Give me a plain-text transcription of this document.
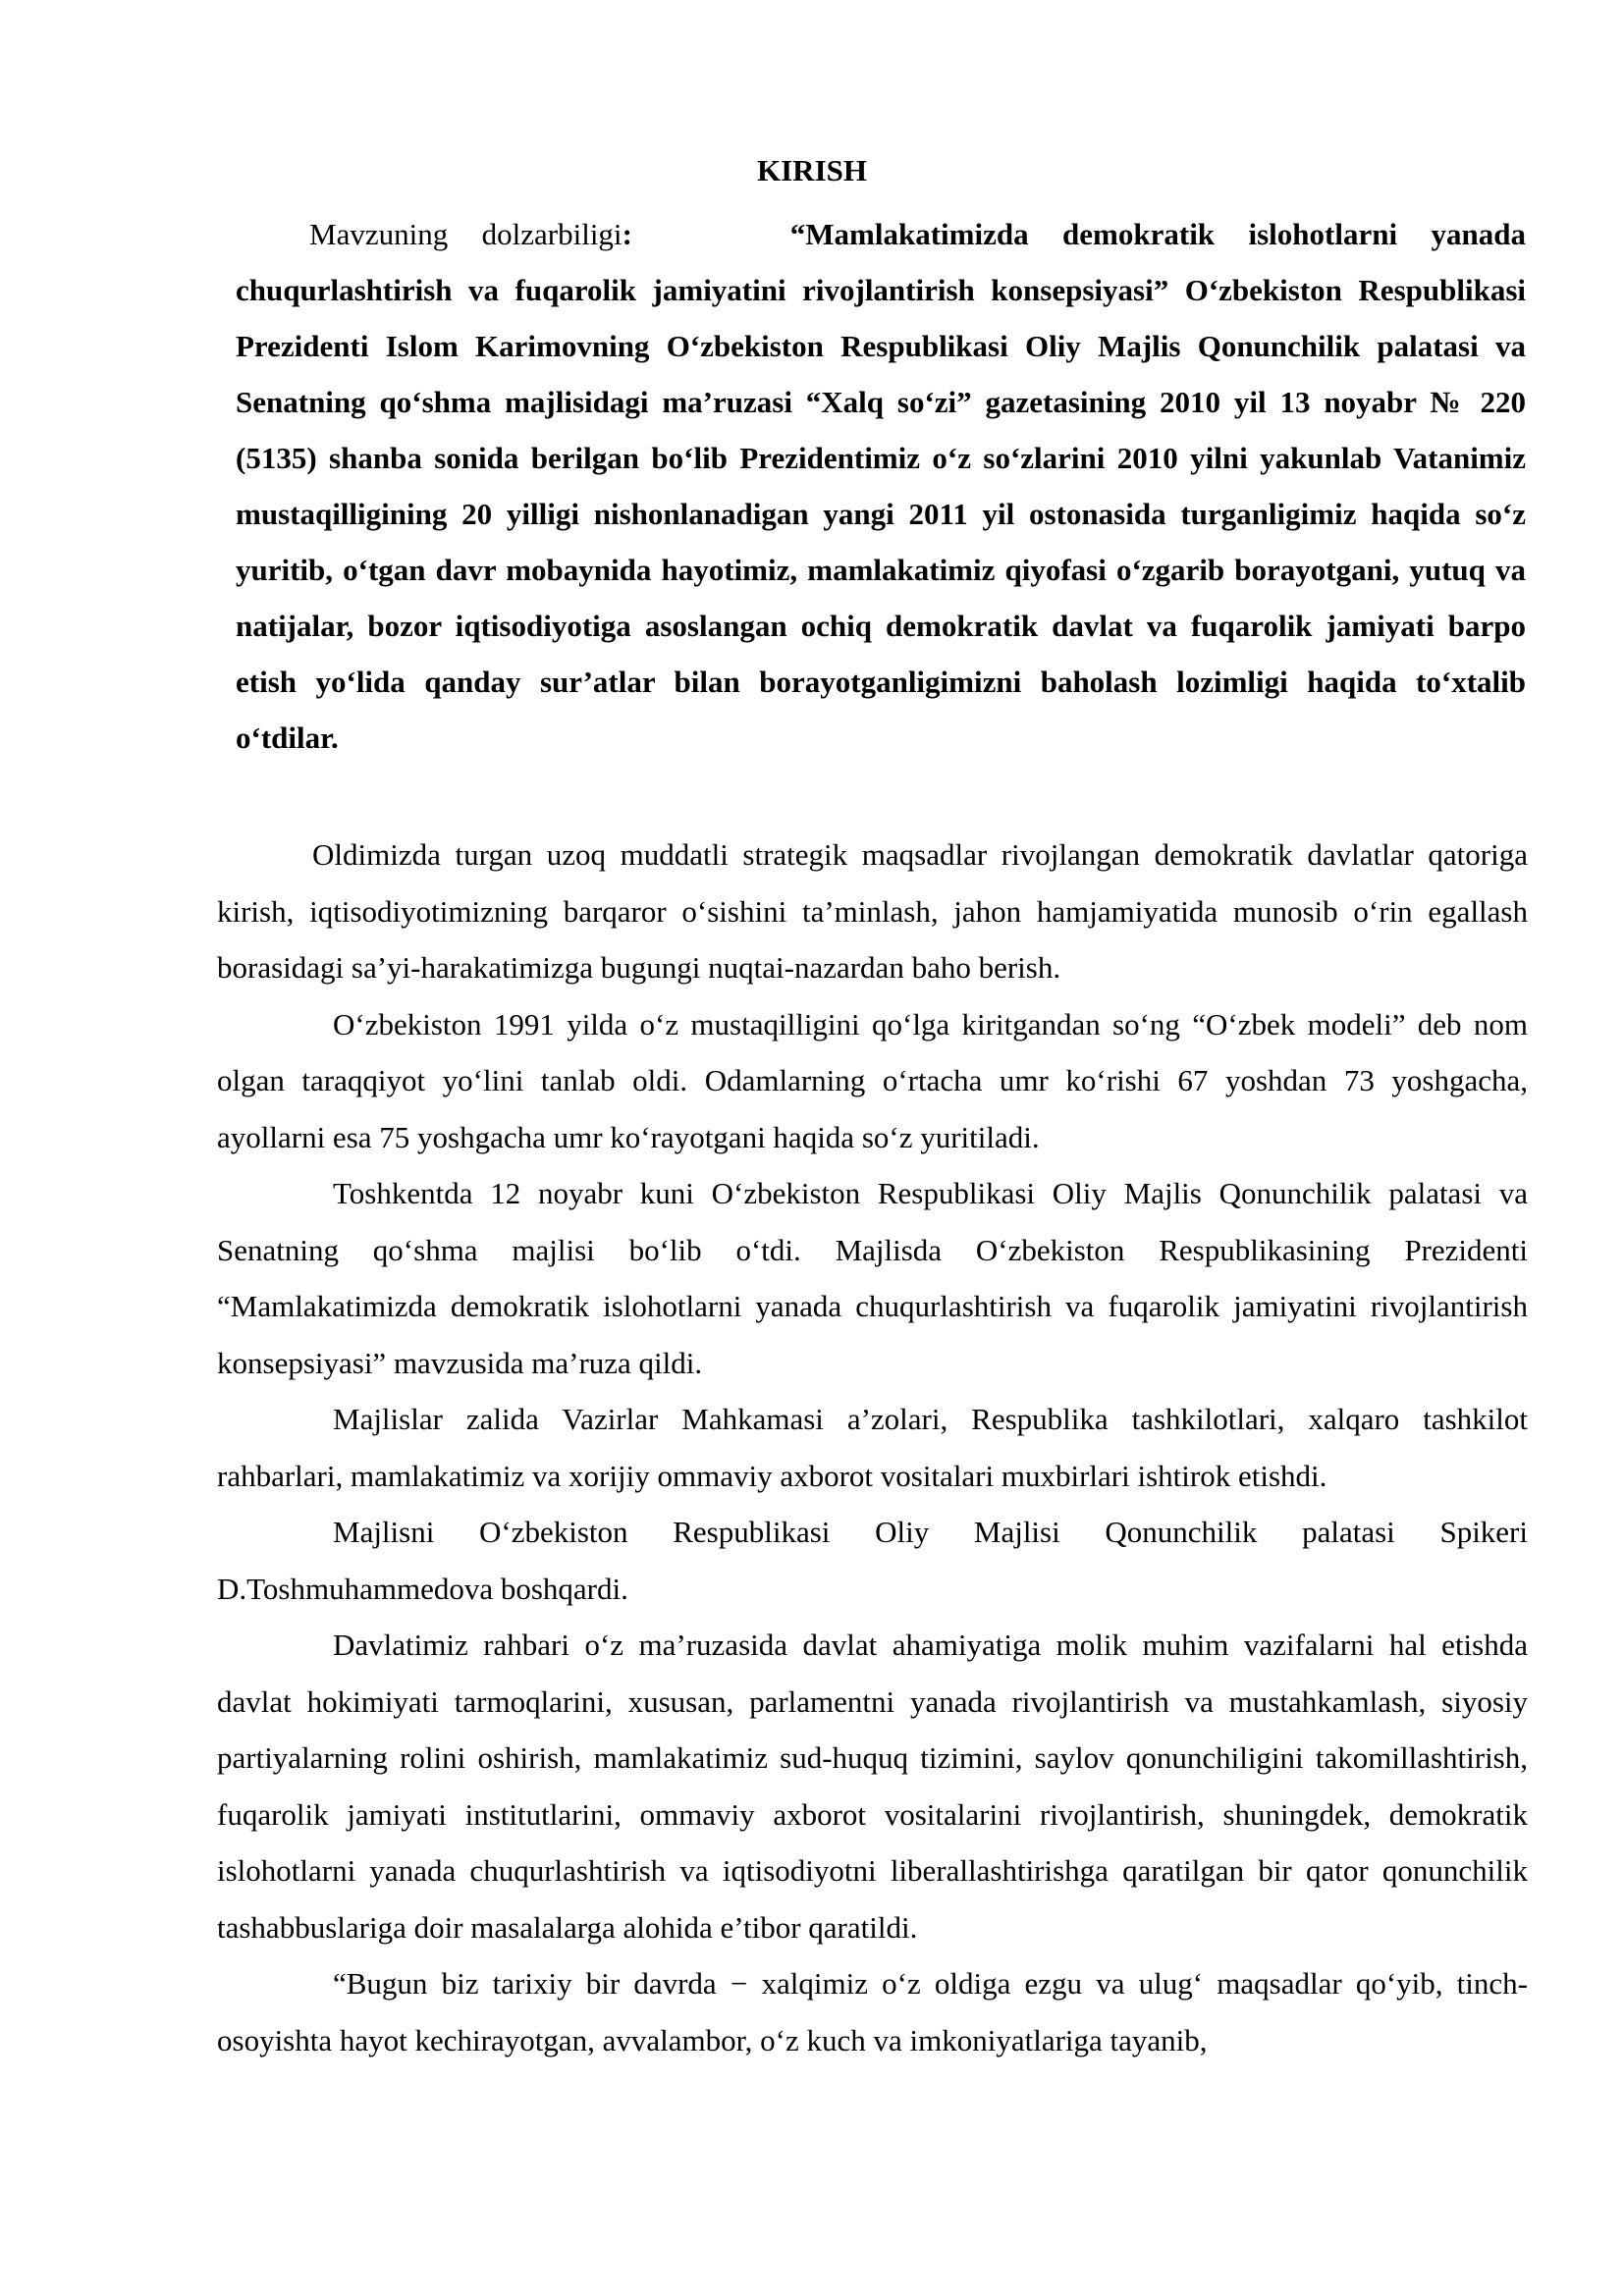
KIRISH
Mavzuning dolzarbiligi:	“Mamlakatimizda demokratik islohotlarni yanada chuqurlashtirish va fuqarolik jamiyatini rivojlantirish konsepsiyasi” O‘zbekiston Respublikasi Prezidenti Islom Karimovning O‘zbekiston Respublikasi Oliy Majlis Qonunchilik palatasi va Senatning qo‘shma majlisidagi ma’ruzasi “Xalq so‘zi” gazetasining 2010 yil 13 noyabr № 220 (5135) shanba sonida berilgan bo‘lib Prezidentimiz o‘z so‘zlarini 2010 yilni yakunlab Vatanimiz mustaqilligining 20 yilligi nishonlanadigan yangi 2011 yil ostonasida turganligimiz haqida so‘z yuritib, o‘tgan davr mobaynida hayotimiz, mamlakatimiz qiyofasi o‘zgarib borayotgani, yutuq va natijalar, bozor iqtisodiyotiga asoslangan ochiq demokratik davlat va fuqarolik jamiyati barpo etish yo‘lida qanday sur’atlar bilan borayotganligimizni baholash lozimligi haqida to‘xtalib o‘tdilar.

Oldimizda turgan uzoq muddatli strategik maqsadlar rivojlangan demokratik davlatlar qatoriga kirish, iqtisodiyotimizning barqaror o‘sishini ta’minlash, jahon hamjamiyatida munosib o‘rin egallash borasidagi sa’yi-harakatimizga bugungi nuqtai-nazardan baho berish.

O‘zbekiston 1991 yilda o‘z mustaqilligini qo‘lga kiritgandan so‘ng “O‘zbek modeli” deb nom olgan taraqqiyot yo‘lini tanlab oldi. Odamlarning o‘rtacha umr ko‘rishi 67 yoshdan 73 yoshgacha, ayollarni esa 75 yoshgacha umr ko‘rayotgani haqida so‘z yuritiladi.

Toshkentda 12 noyabr kuni O‘zbekiston Respublikasi Oliy Majlis Qonunchilik palatasi va Senatning qo‘shma majlisi bo‘lib o‘tdi. Majlisda O‘zbekiston Respublikasining Prezidenti “Mamlakatimizda demokratik islohotlarni yanada chuqurlashtirish va fuqarolik jamiyatini rivojlantirish konsepsiyasi” mavzusida ma’ruza qildi.

Majlislar zalida Vazirlar Mahkamasi a’zolari, Respublika tashkilotlari, xalqaro tashkilot rahbarlari, mamlakatimiz va xorijiy ommaviy axborot vositalari muxbirlari ishtirok etishdi.

Majlisni O‘zbekiston Respublikasi Oliy Majlisi Qonunchilik palatasi Spikeri D.Toshmuhammedova boshqardi.

Davlatimiz rahbari o‘z ma’ruzasida davlat ahamiyatiga molik muhim vazifalarni hal etishda davlat hokimiyati tarmoqlarini, xususan, parlamentni yanada rivojlantirish va mustahkamlash, siyosiy partiyalarning rolini oshirish, mamlakatimiz sud-huquq tizimini, saylov qonunchiligini takomillashtirish, fuqarolik jamiyati institutlarini, ommaviy axborot vositalarini rivojlantirish, shuningdek, demokratik islohotlarni yanada chuqurlashtirish va iqtisodiyotni liberallashtirishga qaratilgan bir qator qonunchilik tashabbuslariga doir masalalarga alohida e’tibor qaratildi.

“Bugun biz tarixiy bir davrda − xalqimiz o‘z oldiga ezgu va ulug‘ maqsadlar qo‘yib, tinch-osoyishta hayot kechirayotgan, avvalambor, o‘z kuch va imkoniyatlariga tayanib,
